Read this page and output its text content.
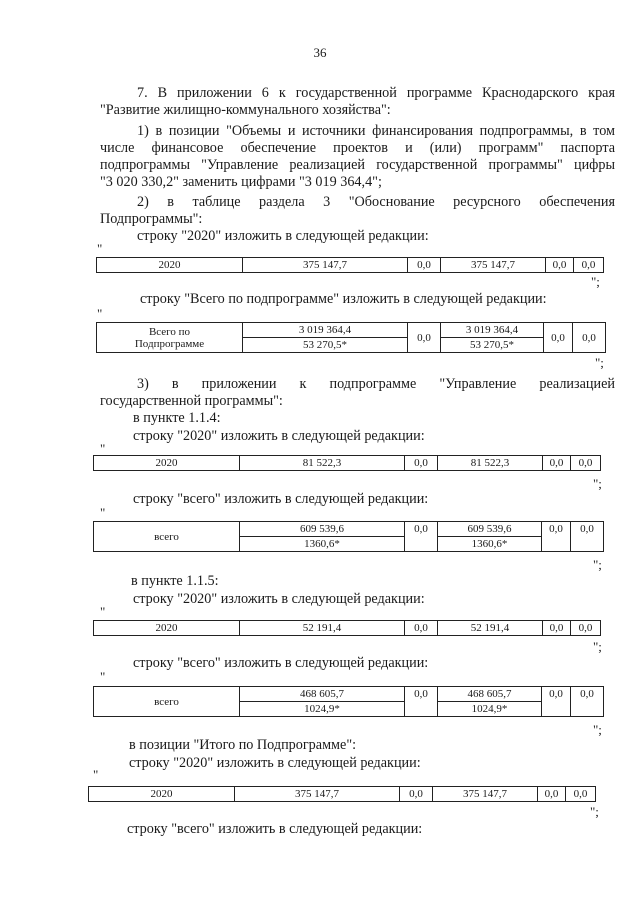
36
7. В приложении 6 к государственной программе Краснодарского края
"Развитие жилищно-коммунального хозяйства":
1) в позиции "Объемы и источники финансирования подпрограммы, в том
числе финансовое обеспечение проектов и (или) программ" паспорта
подпрограммы "Управление реализацией государственной программы" цифры
"3 020 330,2" заменить цифрами "3 019 364,4";
2) в таблице раздела 3 "Обоснование ресурсного обеспечения
Подпрограммы":
строку "2020" изложить в следующей редакции:
"
2020	375 147,7	0,0	375 147,7	0,0	0,0
";
строку "Всего по подпрограмме" изложить в следующей редакции:
"
Всего по
Подпрограмме	3 019 364,4	0,0	3 019 364,4	0,0	0,0
	53 270,5*		53 270,5*		
";
3) в приложении к подпрограмме "Управление реализацией
государственной программы":
в пункте 1.1.4:
строку "2020" изложить в следующей редакции:
"
2020	81 522,3	0,0	81 522,3	0,0	0,0
";
строку "всего" изложить в следующей редакции:
"
всего	609 539,6	0,0	609 539,6	0,0	0,0
	1360,6*		1360,6*		
";
в пункте 1.1.5:
строку "2020" изложить в следующей редакции:
"
2020	52 191,4	0,0	52 191,4	0,0	0,0
";
строку "всего" изложить в следующей редакции:
"
всего	468 605,7	0,0	468 605,7	0,0	0,0
	1024,9*		1024,9*		
";
в позиции "Итого по Подпрограмме":
строку "2020" изложить в следующей редакции:
"
2020	375 147,7	0,0	375 147,7	0,0	0,0
";
строку "всего" изложить в следующей редакции:
